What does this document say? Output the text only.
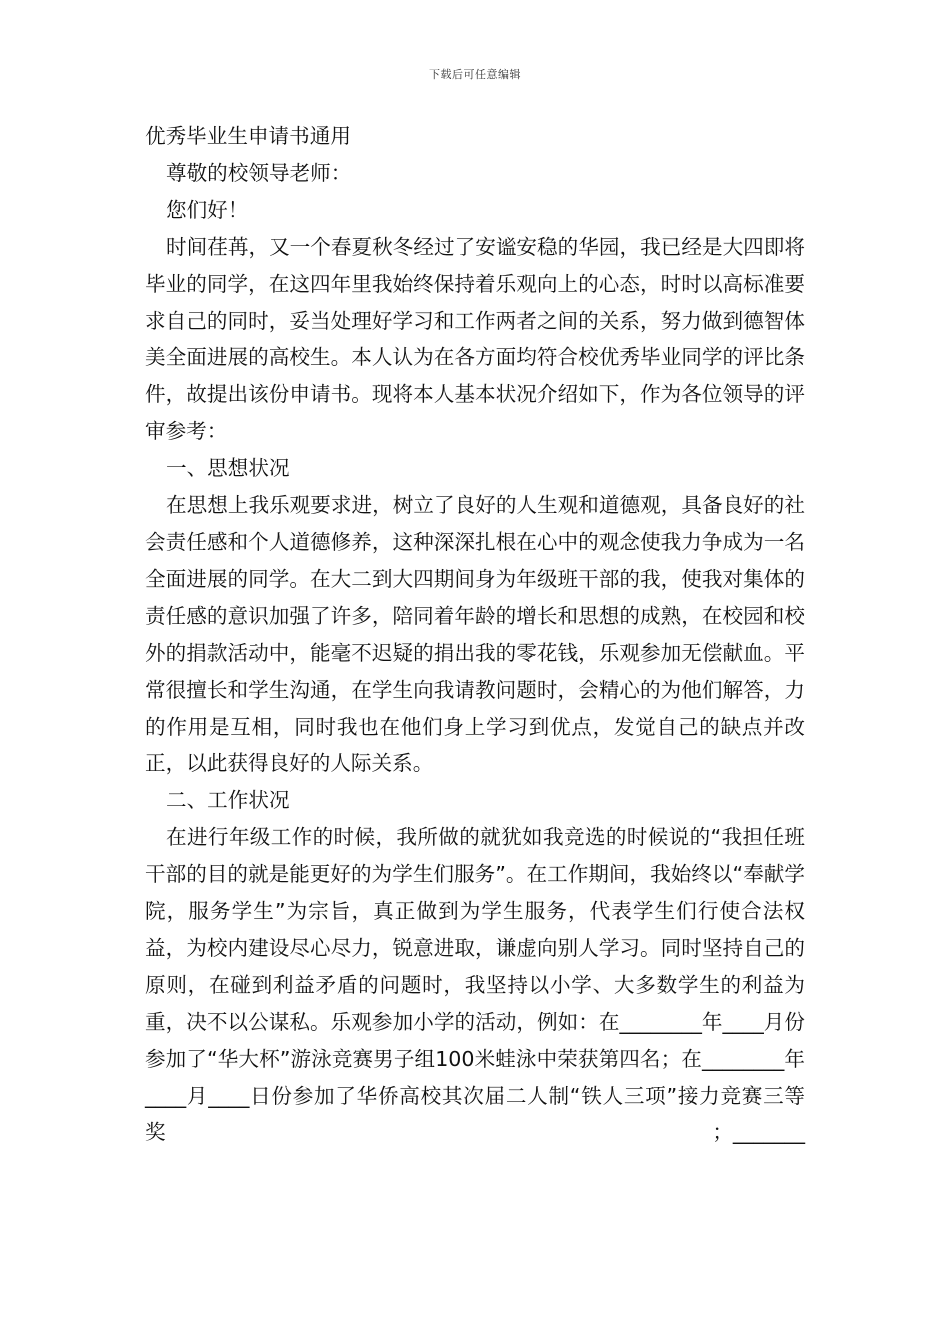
下载后可任意编辑

优秀毕业生申请书通用

尊敬的校领导老师：

您们好！

时间荏苒，又一个春夏秋冬经过了安谧安稳的华园，我已经是大四即将毕业的同学，在这四年里我始终保持着乐观向上的心态，时时以高标准要求自己的同时，妥当处理好学习和工作两者之间的关系，努力做到德智体美全面进展的高校生。本人认为在各方面均符合校优秀毕业同学的评比条件，故提出该份申请书。现将本人基本状况介绍如下，作为各位领导的评审参考：

一、思想状况

在思想上我乐观要求进，树立了良好的人生观和道德观，具备良好的社会责任感和个人道德修养，这种深深扎根在心中的观念使我力争成为一名全面进展的同学。在大二到大四期间身为年级班干部的我，使我对集体的责任感的意识加强了许多，陪同着年龄的增长和思想的成熟，在校园和校外的捐款活动中，能毫不迟疑的捐出我的零花钱，乐观参加无偿献血。平常很擅长和学生沟通，在学生向我请教问题时，会精心的为他们解答，力的作用是互相，同时我也在他们身上学习到优点，发觉自己的缺点并改正，以此获得良好的人际关系。

二、工作状况

在进行年级工作的时候，我所做的就犹如我竞选的时候说的“我担任班干部的目的就是能更好的为学生们服务”。在工作期间，我始终以“奉献学院，服务学生”为宗旨，真正做到为学生服务，代表学生们行使合法权益，为校内建设尽心尽力，锐意进取，谦虚向别人学习。同时坚持自己的原则，在碰到利益矛盾的问题时，我坚持以小学、大多数学生的利益为重，决不以公谋私。乐观参加小学的活动，例如：在________年____月份参加了“华大杯”游泳竞赛男子组100米蛙泳中荣获第四名；在________年____月____日份参加了华侨高校其次届二人制“铁人三项”接力竞赛三等奖；_______
